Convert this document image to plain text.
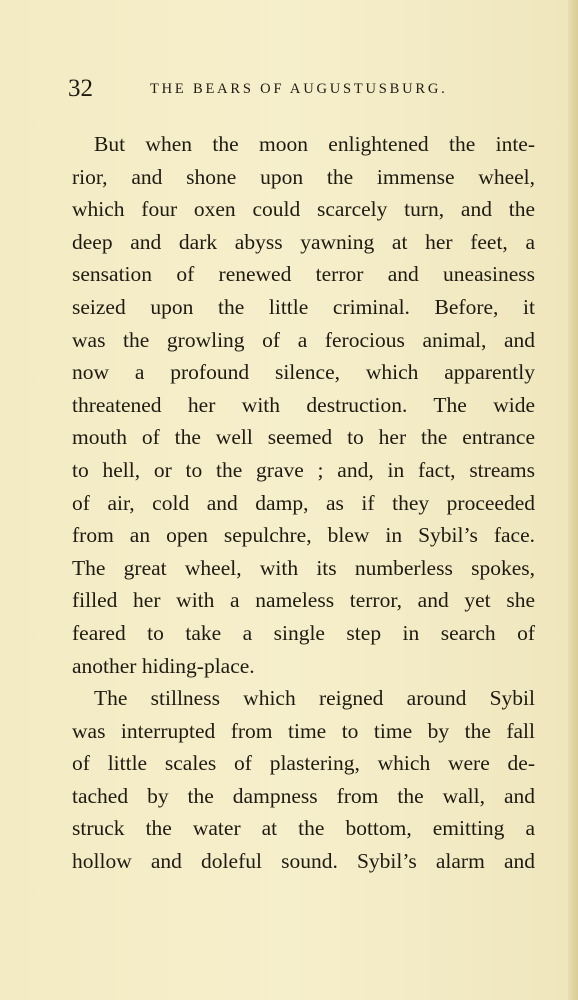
32	THE BEARS OF AUGUSTUSBURG.
But when the moon enlightened the inte-
rior, and shone upon the immense wheel,
which four oxen could scarcely turn, and the
deep and dark abyss yawning at her feet, a
sensation of renewed terror and uneasiness
seized upon the little criminal. Before, it
was the growling of a ferocious animal, and
now a profound silence, which apparently
threatened her with destruction. The wide
mouth of the well seemed to her the entrance
to hell, or to the grave ; and, in fact, streams
of air, cold and damp, as if they proceeded
from an open sepulchre, blew in Sybil’s face.
The great wheel, with its numberless spokes,
filled her with a nameless terror, and yet she
feared to take a single step in search of
another hiding-place.
The stillness which reigned around Sybil
was interrupted from time to time by the fall
of little scales of plastering, which were de-
tached by the dampness from the wall, and
struck the water at the bottom, emitting a
hollow and doleful sound. Sybil’s alarm and
